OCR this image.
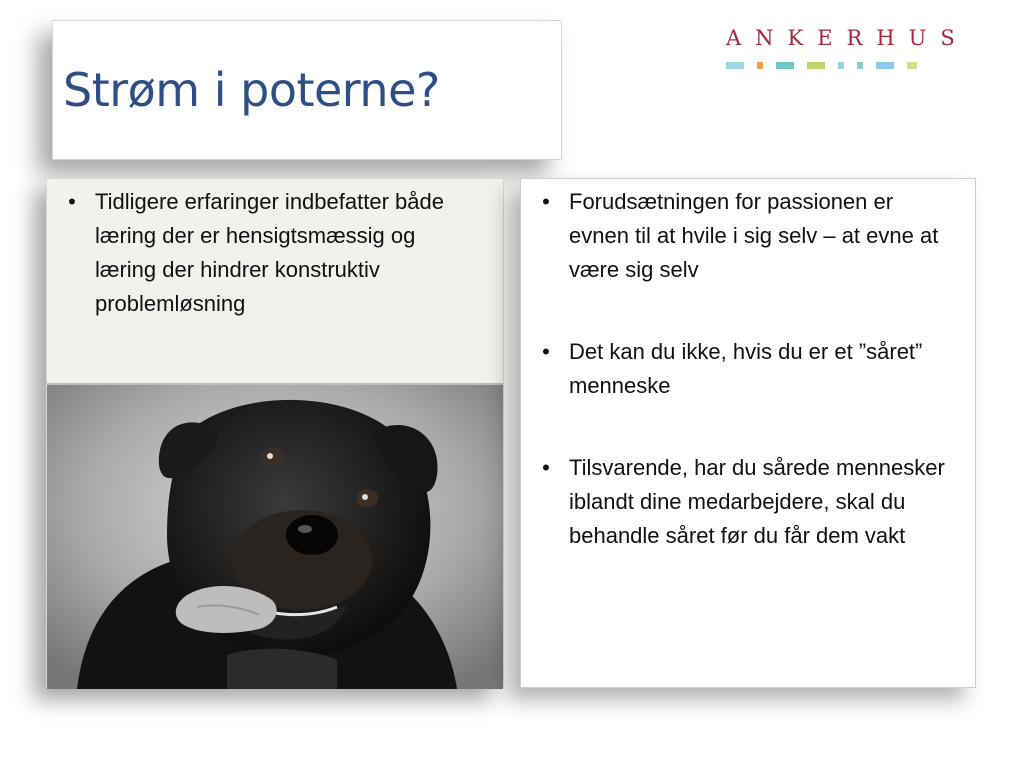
Strøm i poterne?
ANKERHUS
• Tidligere erfaringer indbefatter både læring der er hensigtsmæssig og læring der hindrer konstruktiv problemløsning
• Forudsætningen for passionen er evnen til at hvile i sig selv – at evne at være sig selv
• Det kan du ikke, hvis du er et ”såret” menneske
• Tilsvarende, har du sårede mennesker iblandt dine medarbejdere, skal du behandle såret før du får dem vakt
